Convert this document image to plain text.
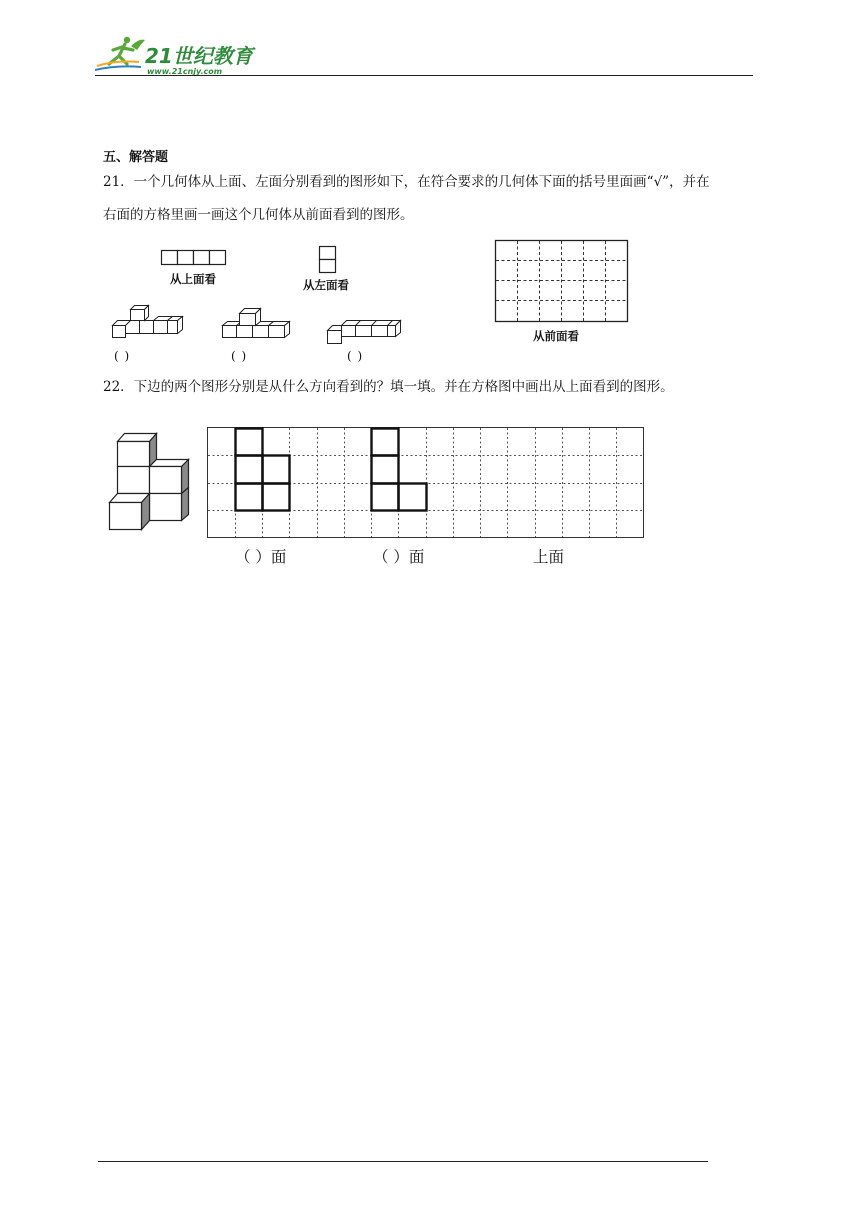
21世纪教育
www.21cnjy.com
五、解答题
21．一个几何体从上面、左面分别看到的图形如下，在符合要求的几何体下面的括号里面画“√”，并在
右面的方格里画一画这个几何体从前面看到的图形。
从上面看	从左面看
从前面看
( )	( )	( )
22．下边的两个图形分别是从什么方向看到的？填一填。并在方格图中画出从上面看到的图形。
（ ）面	（ ）面	上面
